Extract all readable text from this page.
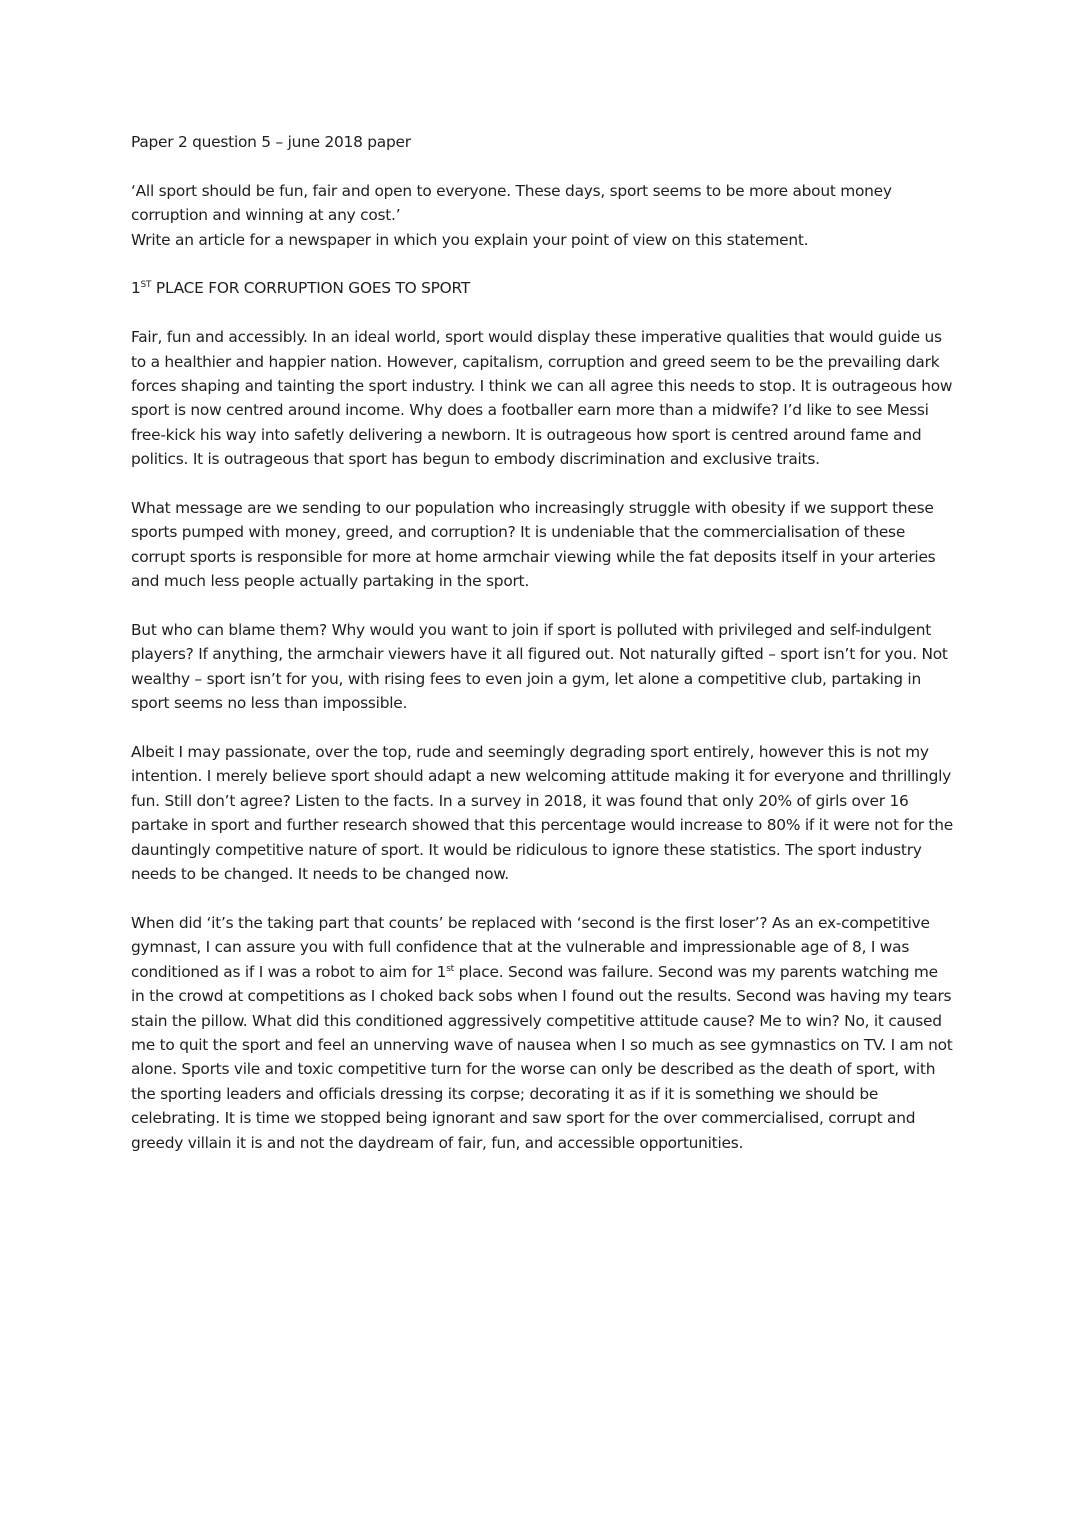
Paper 2 question 5 – june 2018 paper
‘All sport should be fun, fair and open to everyone. These days, sport seems to be more about money corruption and winning at any cost.’
Write an article for a newspaper in which you explain your point of view on this statement.
1ST PLACE FOR CORRUPTION GOES TO SPORT

Fair, fun and accessibly. In an ideal world, sport would display these imperative qualities that would guide us to a healthier and happier nation. However, capitalism, corruption and greed seem to be the prevailing dark forces shaping and tainting the sport industry. I think we can all agree this needs to stop. It is outrageous how sport is now centred around income. Why does a footballer earn more than a midwife? I’d like to see Messi free-kick his way into safetly delivering a newborn. It is outrageous how sport is centred around fame and politics. It is outrageous that sport has begun to embody discrimination and exclusive traits.

What message are we sending to our population who increasingly struggle with obesity if we support these sports pumped with money, greed, and corruption? It is undeniable that the commercialisation of these corrupt sports is responsible for more at home armchair viewing while the fat deposits itself in your arteries and much less people actually partaking in the sport.

But who can blame them? Why would you want to join if sport is polluted with privileged and self-indulgent players? If anything, the armchair viewers have it all figured out. Not naturally gifted – sport isn’t for you. Not wealthy – sport isn’t for you, with rising fees to even join a gym, let alone a competitive club, partaking in sport seems no less than impossible.

Albeit I may passionate, over the top, rude and seemingly degrading sport entirely, however this is not my intention. I merely believe sport should adapt a new welcoming attitude making it for everyone and thrillingly fun. Still don’t agree? Listen to the facts. In a survey in 2018, it was found that only 20% of girls over 16 partake in sport and further research showed that this percentage would increase to 80% if it were not for the dauntingly competitive nature of sport. It would be ridiculous to ignore these statistics. The sport industry needs to be changed. It needs to be changed now.

When did ‘it’s the taking part that counts’ be replaced with ‘second is the first loser’? As an ex-competitive gymnast, I can assure you with full confidence that at the vulnerable and impressionable age of 8, I was conditioned as if I was a robot to aim for 1st place. Second was failure. Second was my parents watching me in the crowd at competitions as I choked back sobs when I found out the results. Second was having my tears stain the pillow. What did this conditioned aggressively competitive attitude cause? Me to win? No, it caused me to quit the sport and feel an unnerving wave of nausea when I so much as see gymnastics on TV. I am not alone. Sports vile and toxic competitive turn for the worse can only be described as the death of sport, with the sporting leaders and officials dressing its corpse; decorating it as if it is something we should be celebrating. It is time we stopped being ignorant and saw sport for the over commercialised, corrupt and greedy villain it is and not the daydream of fair, fun, and accessible opportunities.
